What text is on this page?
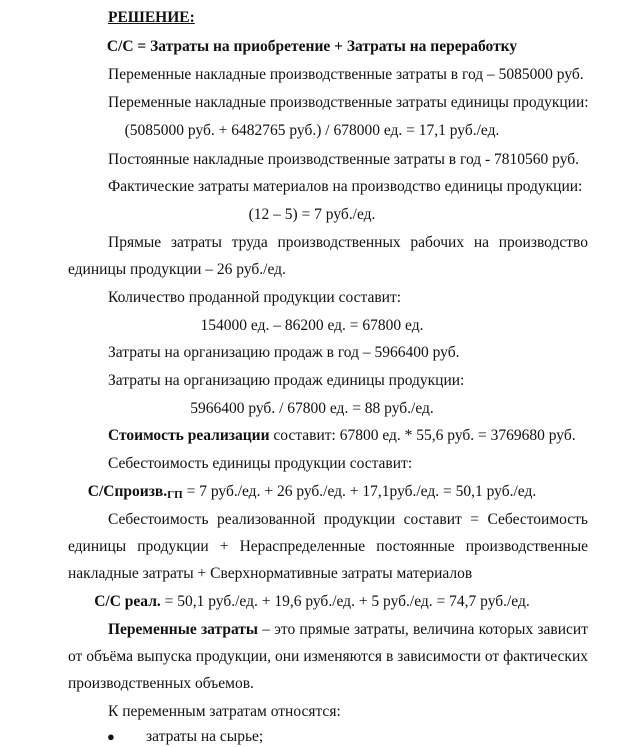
РЕШЕНИЕ:
С/С = Затраты на приобретение + Затраты на переработку
Переменные накладные производственные затраты в год – 5085000 руб.
Переменные накладные производственные затраты единицы продукции:
(5085000 руб. + 6482765 руб.) / 678000 ед. = 17,1 руб./ед.
Постоянные накладные производственные затраты в год - 7810560 руб.
Фактические затраты материалов на производство единицы продукции:
(12 – 5) = 7 руб./ед.
Прямые затраты труда производственных рабочих на производство
единицы продукции – 26 руб./ед.
Количество проданной продукции составит:
154000 ед. – 86200 ед. = 67800 ед.
Затраты на организацию продаж в год – 5966400 руб.
Затраты на организацию продаж единицы продукции:
5966400 руб. / 67800 ед. = 88 руб./ед.
Стоимость реализации составит: 67800 ед. * 55,6 руб. = 3769680 руб.
Себестоимость единицы продукции составит:
$С/Спроизв._{ГП} = 7$ руб./ед. + 26 руб./ед. + 17,1руб./ед. = 50,1 руб./ед.
Себестоимость реализованной продукции составит = Себестоимость
единицы продукции + Нераспределенные постоянные производственные
накладные затраты + Сверхнормативные затраты материалов
С/С реал. = 50,1 руб./ед. + 19,6 руб./ед. + 5 руб./ед. = 74,7 руб./ед.
Переменные затраты – это прямые затраты, величина которых зависит
от объёма выпуска продукции, они изменяются в зависимости от фактических
производственных объемов.
К переменным затратам относятся:
● затраты на сырье;
